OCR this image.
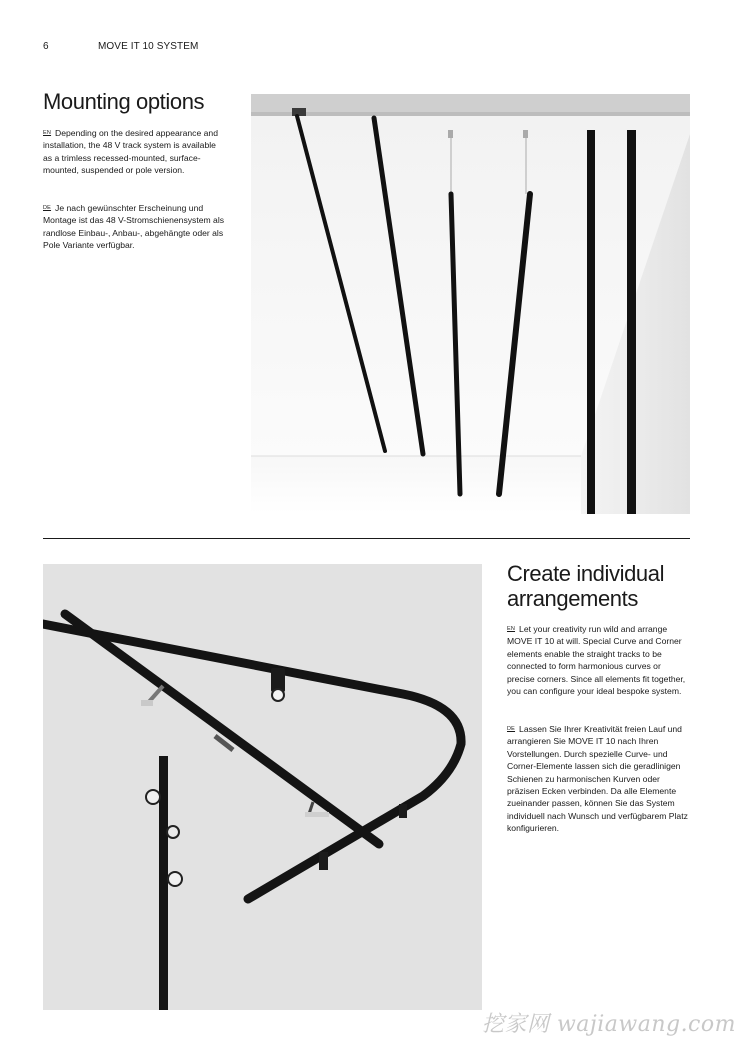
6	MOVE IT 10 SYSTEM
Mounting options

$^{EN}$ Depending on the desired appearance and installation, the 48 V track system is available as a trimless recessed-mounted, surface-mounted, suspended or pole version.

$^{DE}$ Je nach gewünschter Erscheinung und Montage ist das 48 V-Stromschienensystem als randlose Einbau-, Anbau-, abgehängte oder als Pole Variante verfügbar.

Create individual
arrangements

$^{EN}$ Let your creativity run wild and arrange MOVE IT 10 at will. Special Curve and Corner elements enable the straight tracks to be connected to form harmonious curves or precise corners. Since all elements fit together, you can configure your ideal bespoke system.

$^{DE}$ Lassen Sie Ihrer Kreativität freien Lauf und arrangieren Sie MOVE IT 10 nach Ihren Vorstellungen. Durch spezielle Curve- und Corner-Elemente lassen sich die geradlinigen Schienen zu harmonischen Kurven oder präzisen Ecken verbinden. Da alle Elemente zueinander passen, können Sie das System individuell nach Wunsch und verfügbarem Platz konfigurieren.

挖家网 wajiawang.com
